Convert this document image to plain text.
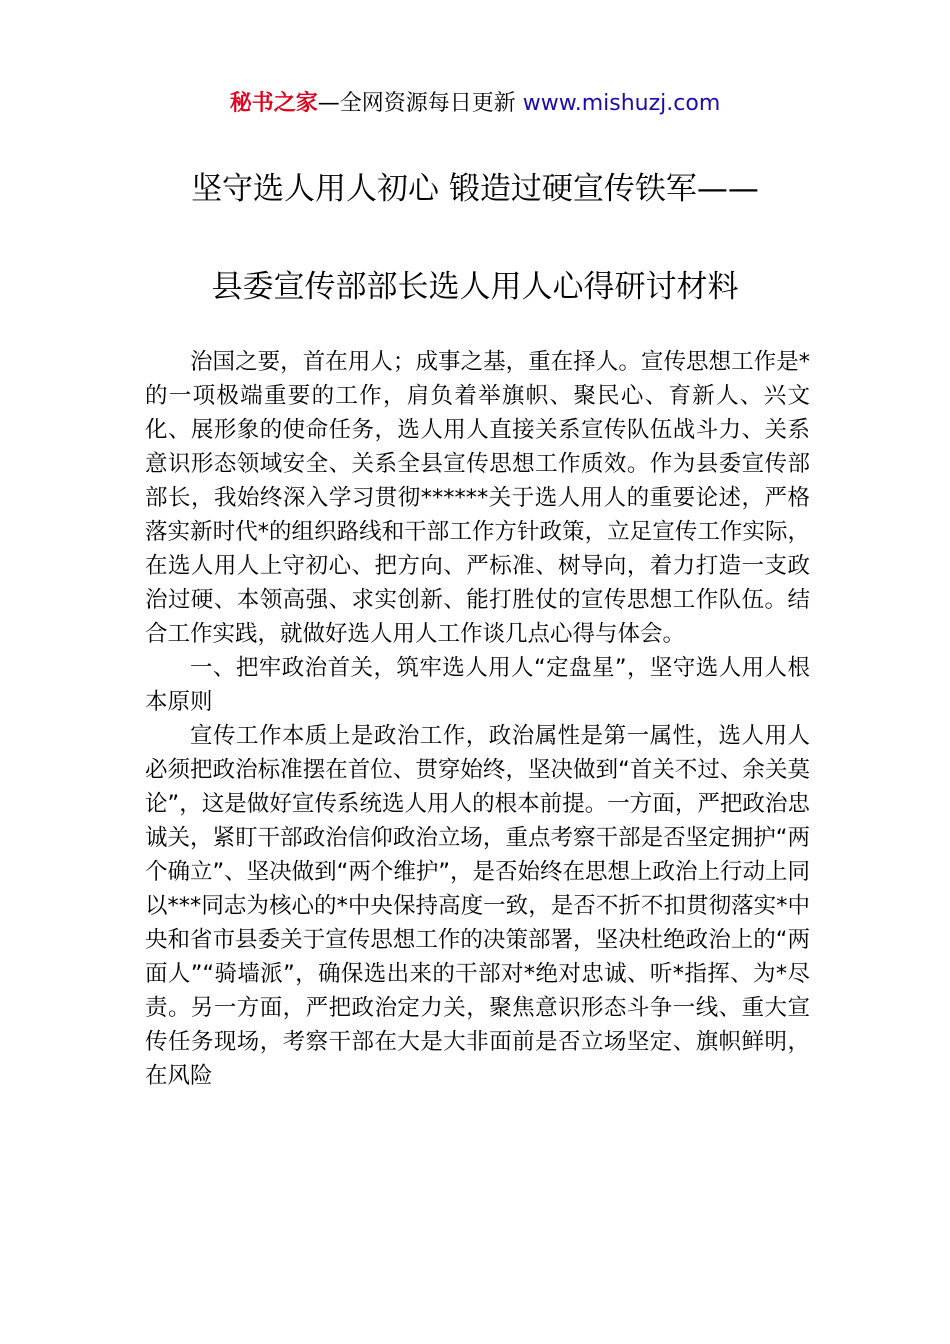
秘书之家—全网资源每日更新 www.mishuzj.com
坚守选人用人初心 锻造过硬宣传铁军——
县委宣传部部长选人用人心得研讨材料

治国之要，首在用人；成事之基，重在择人。宣传思想工作是*的一项极端重要的工作，肩负着举旗帜、聚民心、育新人、兴文化、展形象的使命任务，选人用人直接关系宣传队伍战斗力、关系意识形态领域安全、关系全县宣传思想工作质效。作为县委宣传部部长，我始终深入学习贯彻******关于选人用人的重要论述，严格落实新时代*的组织路线和干部工作方针政策，立足宣传工作实际，在选人用人上守初心、把方向、严标准、树导向，着力打造一支政治过硬、本领高强、求实创新、能打胜仗的宣传思想工作队伍。结合工作实践，就做好选人用人工作谈几点心得与体会。

一、把牢政治首关，筑牢选人用人“定盘星”，坚守选人用人根本原则

宣传工作本质上是政治工作，政治属性是第一属性，选人用人必须把政治标准摆在首位、贯穿始终，坚决做到“首关不过、余关莫论”，这是做好宣传系统选人用人的根本前提。一方面，严把政治忠诚关，紧盯干部政治信仰政治立场，重点考察干部是否坚定拥护“两个确立”、坚决做到“两个维护”，是否始终在思想上政治上行动上同以***同志为核心的*中央保持高度一致，是否不折不扣贯彻落实*中央和省市县委关于宣传思想工作的决策部署，坚决杜绝政治上的“两面人”“骑墙派”，确保选出来的干部对*绝对忠诚、听*指挥、为*尽责。另一方面，严把政治定力关，聚焦意识形态斗争一线、重大宣传任务现场，考察干部在大是大非面前是否立场坚定、旗帜鲜明，在风险
